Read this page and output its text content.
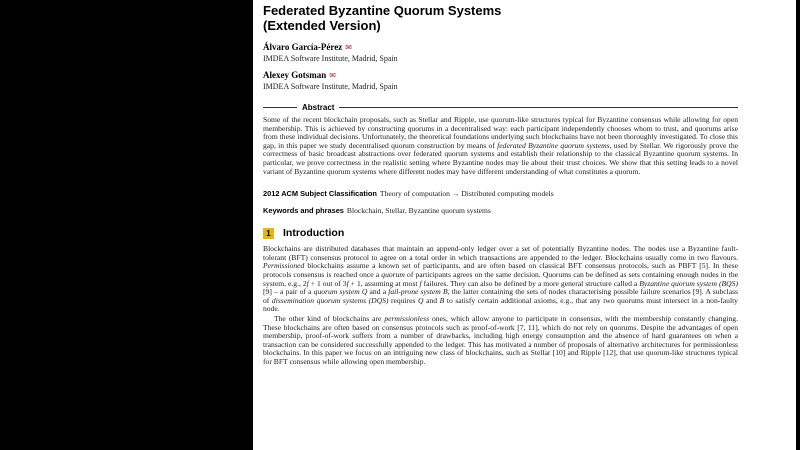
Federated Byzantine Quorum Systems
(Extended Version)
Álvaro García-Pérez ✉
IMDEA Software Institute, Madrid, Spain
Alexey Gotsman ✉
IMDEA Software Institute, Madrid, Spain
Abstract
Some of the recent blockchain proposals, such as Stellar and Ripple, use quorum-like structures typical for Byzantine consensus while allowing for open membership. This is achieved by constructing quorums in a decentralised way: each participant independently chooses whom to trust, and quorums arise from these individual decisions. Unfortunately, the theoretical foundations underlying such blockchains have not been thoroughly investigated. To close this gap, in this paper we study decentralised quorum construction by means of federated Byzantine quorum systems, used by Stellar. We rigorously prove the correctness of basic broadcast abstractions over federated quorum systems and establish their relationship to the classical Byzantine quorum systems. In particular, we prove correctness in the realistic setting where Byzantine nodes may lie about their trust choices. We show that this setting leads to a novel variant of Byzantine quorum systems where different nodes may have different understanding of what constitutes a quorum.
2012 ACM Subject Classification Theory of computation → Distributed computing models
Keywords and phrases Blockchain, Stellar, Byzantine quorum systems
1	Introduction
Blockchains are distributed databases that maintain an append-only ledger over a set of potentially Byzantine nodes. The nodes use a Byzantine fault-tolerant (BFT) consensus protocol to agree on a total order in which transactions are appended to the ledger. Blockchains usually come in two flavours. Permissioned blockchains assume a known set of participants, and are often based on classical BFT consensus protocols, such as PBFT [5]. In these protocols consensus is reached once a quorum of participants agrees on the same decision. Quorums can be defined as sets containing enough nodes in the system, e.g., 2f + 1 out of 3f + 1, assuming at most f failures. They can also be defined by a more general structure called a Byzantine quorum system (BQS) [9] – a pair of a quorum system Q and a fail-prone system B, the latter containing the sets of nodes characterising possible failure scenarios [9]. A subclass of dissemination quorum systems (DQS) requires Q and B to satisfy certain additional axioms, e.g., that any two quorums must intersect in a non-faulty node.
The other kind of blockchains are permissionless ones, which allow anyone to participate in consensus, with the membership constantly changing. These blockchains are often based on consensus protocols such as proof-of-work [7, 11], which do not rely on quorums. Despite the advantages of open membership, proof-of-work suffers from a number of drawbacks, including high energy consumption and the absence of hard guarantees on when a transaction can be considered successfully appended to the ledger. This has motivated a number of proposals of alternative architectures for permissionless blockchains. In this paper we focus on an intriguing new class of blockchains, such as Stellar [10] and Ripple [12], that use quorum-like structures typical for BFT consensus while allowing open membership.
